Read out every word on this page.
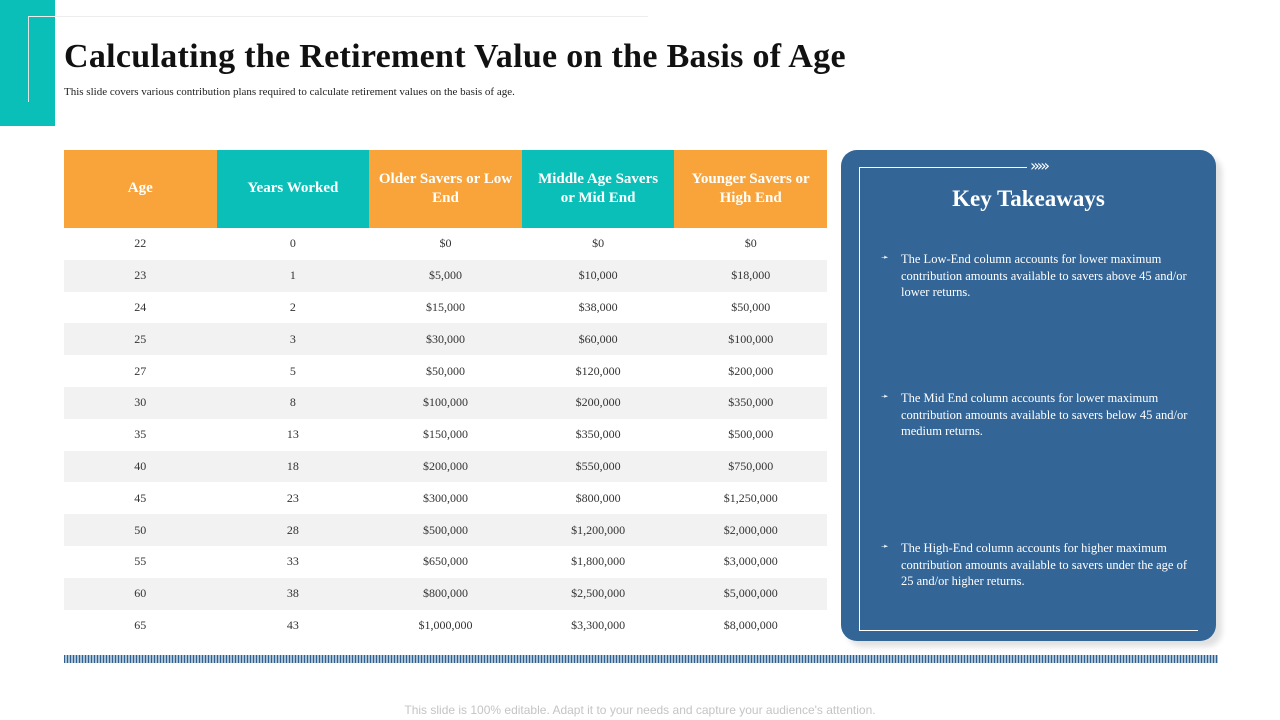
Calculating the Retirement Value on the Basis of Age

This slide covers various contribution plans required to calculate retirement values on the basis of age.

Age	Years Worked	Older Savers or Low End	Middle Age Savers or Mid End	Younger Savers or High End
22	0	$0	$0	$0
23	1	$5,000	$10,000	$18,000
24	2	$15,000	$38,000	$50,000
25	3	$30,000	$60,000	$100,000
27	5	$50,000	$120,000	$200,000
30	8	$100,000	$200,000	$350,000
35	13	$150,000	$350,000	$500,000
40	18	$200,000	$550,000	$750,000
45	23	$300,000	$800,000	$1,250,000
50	28	$500,000	$1,200,000	$2,000,000
55	33	$650,000	$1,800,000	$3,000,000
60	38	$800,000	$2,500,000	$5,000,000
65	43	$1,000,000	$3,300,000	$8,000,000
›››››
Key Takeaways
➛ The Low-End column accounts for lower maximum contribution amounts available to savers above 45 and/or lower returns.

➛ The Mid End column accounts for lower maximum contribution amounts available to savers below 45 and/or medium returns.

➛ The High-End column accounts for higher maximum contribution amounts available to savers under the age of 25 and/or higher returns.

This slide is 100% editable. Adapt it to your needs and capture your audience's attention.
